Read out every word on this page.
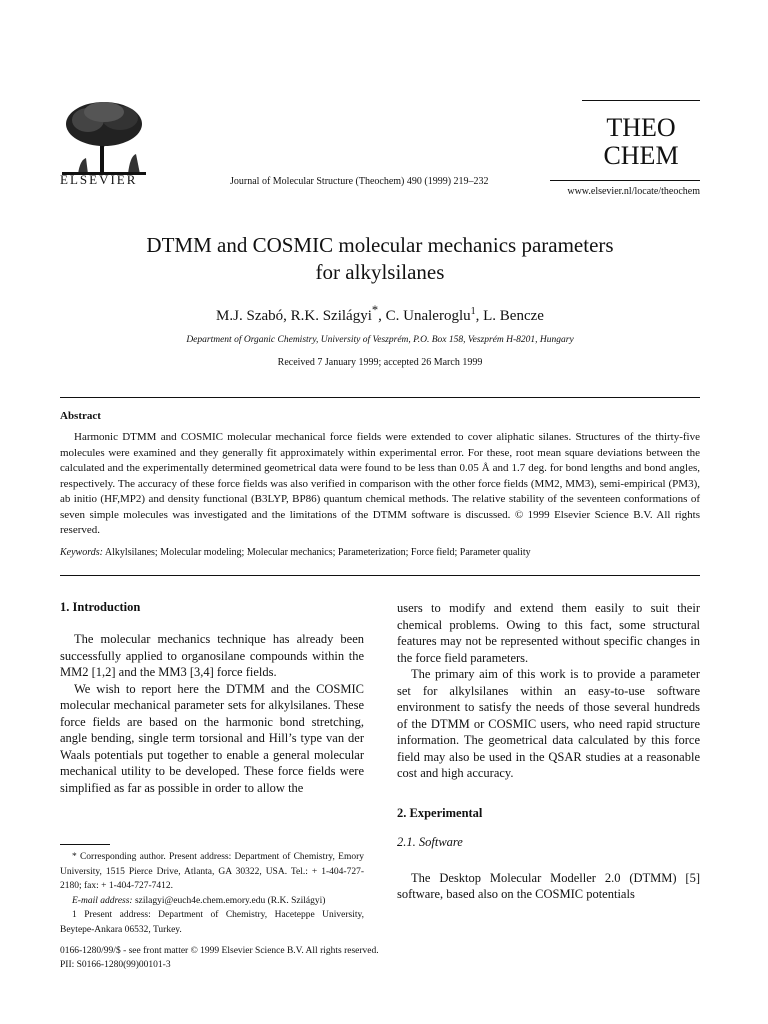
ELSEVIER	Journal of Molecular Structure (Theochem) 490 (1999) 219–232
THEO
CHEM
www.elsevier.nl/locate/theochem
DTMM and COSMIC molecular mechanics parameters
for alkylsilanes
M.J. Szabó, R.K. Szilágyi*, C. Unaleroglu$^1$, L. Bencze
Department of Organic Chemistry, University of Veszprém, P.O. Box 158, Veszprém H-8201, Hungary
Received 7 January 1999; accepted 26 March 1999
Abstract

Harmonic DTMM and COSMIC molecular mechanical force fields were extended to cover aliphatic silanes. Structures of the thirty-five molecules were examined and they generally fit approximately within experimental error. For these, root mean square deviations between the calculated and the experimentally determined geometrical data were found to be less than 0.05 Å and 1.7 deg. for bond lengths and bond angles, respectively. The accuracy of these force fields was also verified in comparison with the other force fields (MM2, MM3), semi-empirical (PM3), ab initio (HF,MP2) and density functional (B3LYP, BP86) quantum chemical methods. The relative stability of the seventeen conformations of seven simple molecules was investigated and the limitations of the DTMM software is discussed. © 1999 Elsevier Science B.V. All rights reserved.

Keywords: Alkylsilanes; Molecular modeling; Molecular mechanics; Parameterization; Force field; Parameter quality

1. Introduction

The molecular mechanics technique has already been successfully applied to organosilane compounds within the MM2 [1,2] and the MM3 [3,4] force fields.

We wish to report here the DTMM and the COSMIC molecular mechanical parameter sets for alkylsilanes. These force fields are based on the harmonic bond stretching, angle bending, single term torsional and Hill’s type van der Waals potentials put together to enable a general molecular mechanical utility to be developed. These force fields were simplified as far as possible in order to allow the

users to modify and extend them easily to suit their chemical problems. Owing to this fact, some structural features may not be represented without specific changes in the force field parameters.

The primary aim of this work is to provide a parameter set for alkylsilanes within an easy-to-use software environment to satisfy the needs of those several hundreds of the DTMM or COSMIC users, who need rapid structure information. The geometrical data calculated by this force field may also be used in the QSAR studies at a reasonable cost and high accuracy.

2. Experimental
2.1. Software

The Desktop Molecular Modeller 2.0 (DTMM) [5] software, based also on the COSMIC potentials

* Corresponding author. Present address: Department of Chemistry, Emory University, 1515 Pierce Drive, Atlanta, GA 30322, USA. Tel.: + 1-404-727-2180; fax: + 1-404-727-7412.

E-mail address: szilagyi@euch4e.chem.emory.edu (R.K. Szilágyi)

1 Present address: Department of Chemistry, Haceteppe University, Beytepe-Ankara 06532, Turkey.

0166-1280/99/$ - see front matter © 1999 Elsevier Science B.V. All rights reserved.
PII: S0166-1280(99)00101-3
